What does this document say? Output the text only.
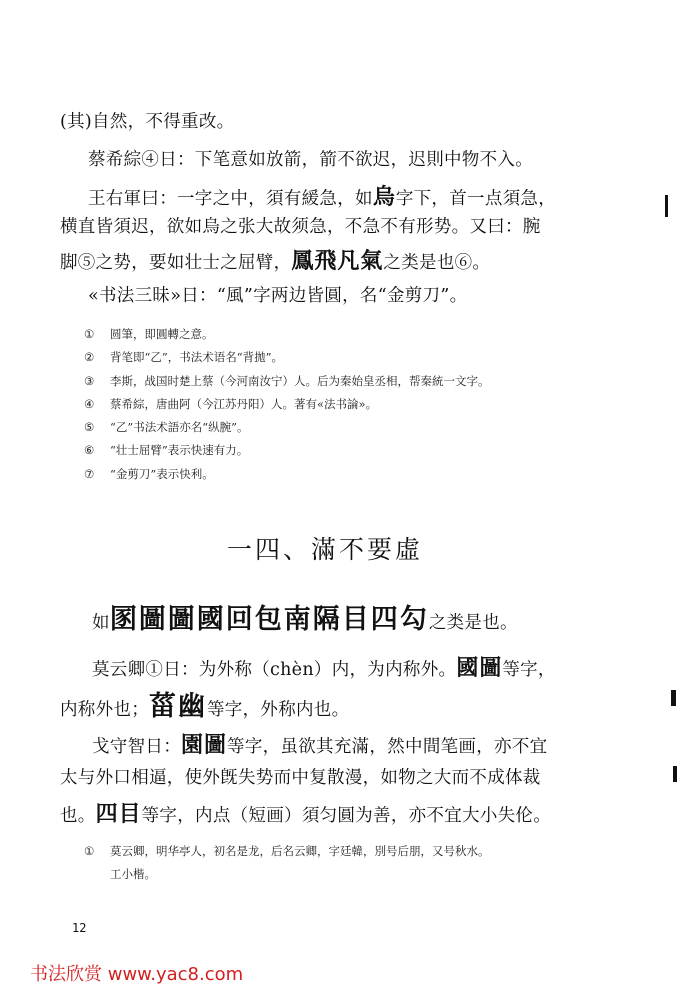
(其)自然，不得重改。
蔡希綜④日：下笔意如放箭，箭不欲迟，迟則中物不入。
王右軍曰：一字之中，須有緩急，如烏字下，首一点須急，
横直皆須迟，欲如烏之张大故须急，不急不有形势。又曰：腕
脚⑤之势，要如壮士之屈臂，鳳飛凡氣之类是也⑥。
«书法三昧»日：“風”字两边皆圓，名“金剪刀”。
① 圆筆，即圓轉之意。
② 背笔即“乙”，书法术语名“背拋”。
③ 李斯，战国时楚上蔡（今河南汝宁）人。后为秦始皇丞相，帮秦統一文字。
④ 蔡希綜，唐曲阿（今江苏丹阳）人。著有«法书論»。
⑤ “乙”书法术語亦名“纵腕”。
⑥ “壮士屈臂”表示快速有力。
⑦ “金剪刀”表示快利。
一四、滿不要虛
如圂圖圖國回包南隔目四勾之类是也。
莫云卿①日：为外称（chèn）内，为内称外。國圖等字，
内称外也；菑幽等字，外称内也。
戈守智日：園圖等字，虽欲其充滿，然中間笔画，亦不宜
太与外口相逼，使外旣失势而中复散漫，如物之大而不成体裁
也。四目等字，内点（短画）須匀圓为善，亦不宜大小失伦。
① 莫云卿，明华亭人，初名是龙，后名云卿，字廷韓，別号后朋，又号秋水。
工小楷。
12
书法欣赏 www.yac8.com
